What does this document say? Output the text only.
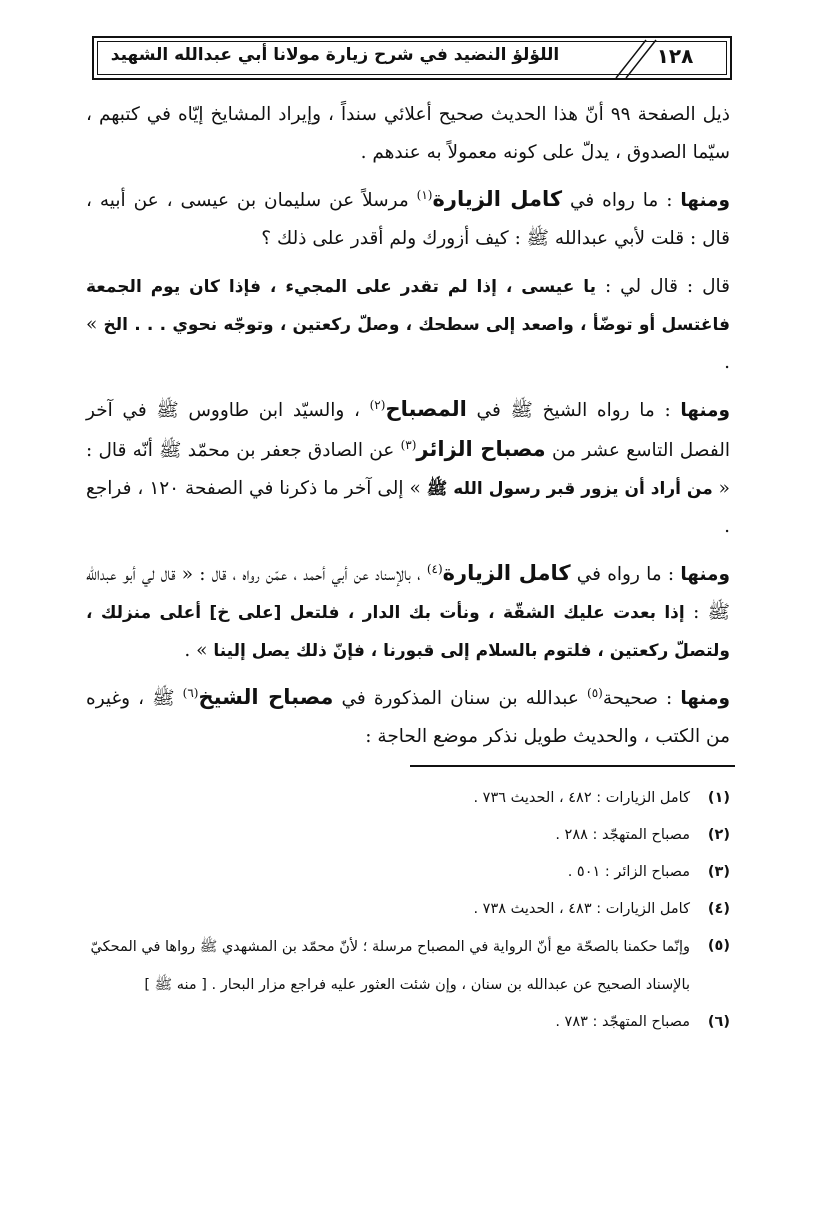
اللؤلؤ النضيد في شرح زيارة مولانا أبي عبدالله الشهيد	١٢٨

ذيل الصفحة ٩٩ أنّ هذا الحديث صحيح أعلائي سنداً ، وإيراد المشايخ إيّاه في كتبهم ، سيّما الصدوق ، يدلّ على كونه معمولاً به عندهم .

ومنها : ما رواه في كامل الزيارة$^{(١)}$ مرسلاً عن سليمان بن عيسى ، عن أبيه ، قال : قلت لأبي عبدالله ﷺ : كيف أزورك ولم أقدر على ذلك ؟

قال : قال لي : يا عيسى ، إذا لم تقدر على المجيء ، فإذا كان يوم الجمعة فاغتسل أو توضّأ ، واصعد إلى سطحك ، وصلّ ركعتين ، وتوجّه نحوي . . . الخ » .

ومنها : ما رواه الشيخ ﷺ في المصباح$^{(٢)}$ ، والسيّد ابن طاووس ﷺ في آخر الفصل التاسع عشر من مصباح الزائر$^{(٣)}$ عن الصادق جعفر بن محمّد ﷺ أنّه قال : « من أراد أن يزور قبر رسول الله ﷺ » إلى آخر ما ذكرنا في الصفحة ١٢٠ ، فراجع .

ومنها : ما رواه في كامل الزيارة$^{(٤)}$ ، بالإسناد عن أبي أحمد ، عمّن رواه ، قال : « قال لي أبو عبدالله ﷺ : إذا بعدت عليك الشقّة ، ونأت بك الدار ، فلتعل [على خ] أعلى منزلك ، ولتصلّ ركعتين ، فلتوم بالسلام إلى قبورنا ، فإنّ ذلك يصل إلينا » .

ومنها : صحيحة$^{(٥)}$ عبدالله بن سنان المذكورة في مصباح الشيخ$^{(٦)}$ ﷺ ، وغيره من الكتب ، والحديث طويل نذكر موضع الحاجة :

(١)
كامل الزيارات : ٤٨٢ ، الحديث ٧٣٦ .
(٢)
مصباح المتهجّد : ٢٨٨ .
(٣)
مصباح الزائر : ٥٠١ .
(٤)
كامل الزيارات : ٤٨٣ ، الحديث ٧٣٨ .
(٥)
وإنّما حكمنا بالصحّة مع أنّ الرواية في المصباح مرسلة ؛ لأنّ محمّد بن المشهدي ﷺ رواها في المحكيّ بالإسناد الصحيح عن عبدالله بن سنان ، وإن شئت العثور عليه فراجع مزار البحار . [ منه ﷺ ]
(٦)
مصباح المتهجّد : ٧٨٣ .
